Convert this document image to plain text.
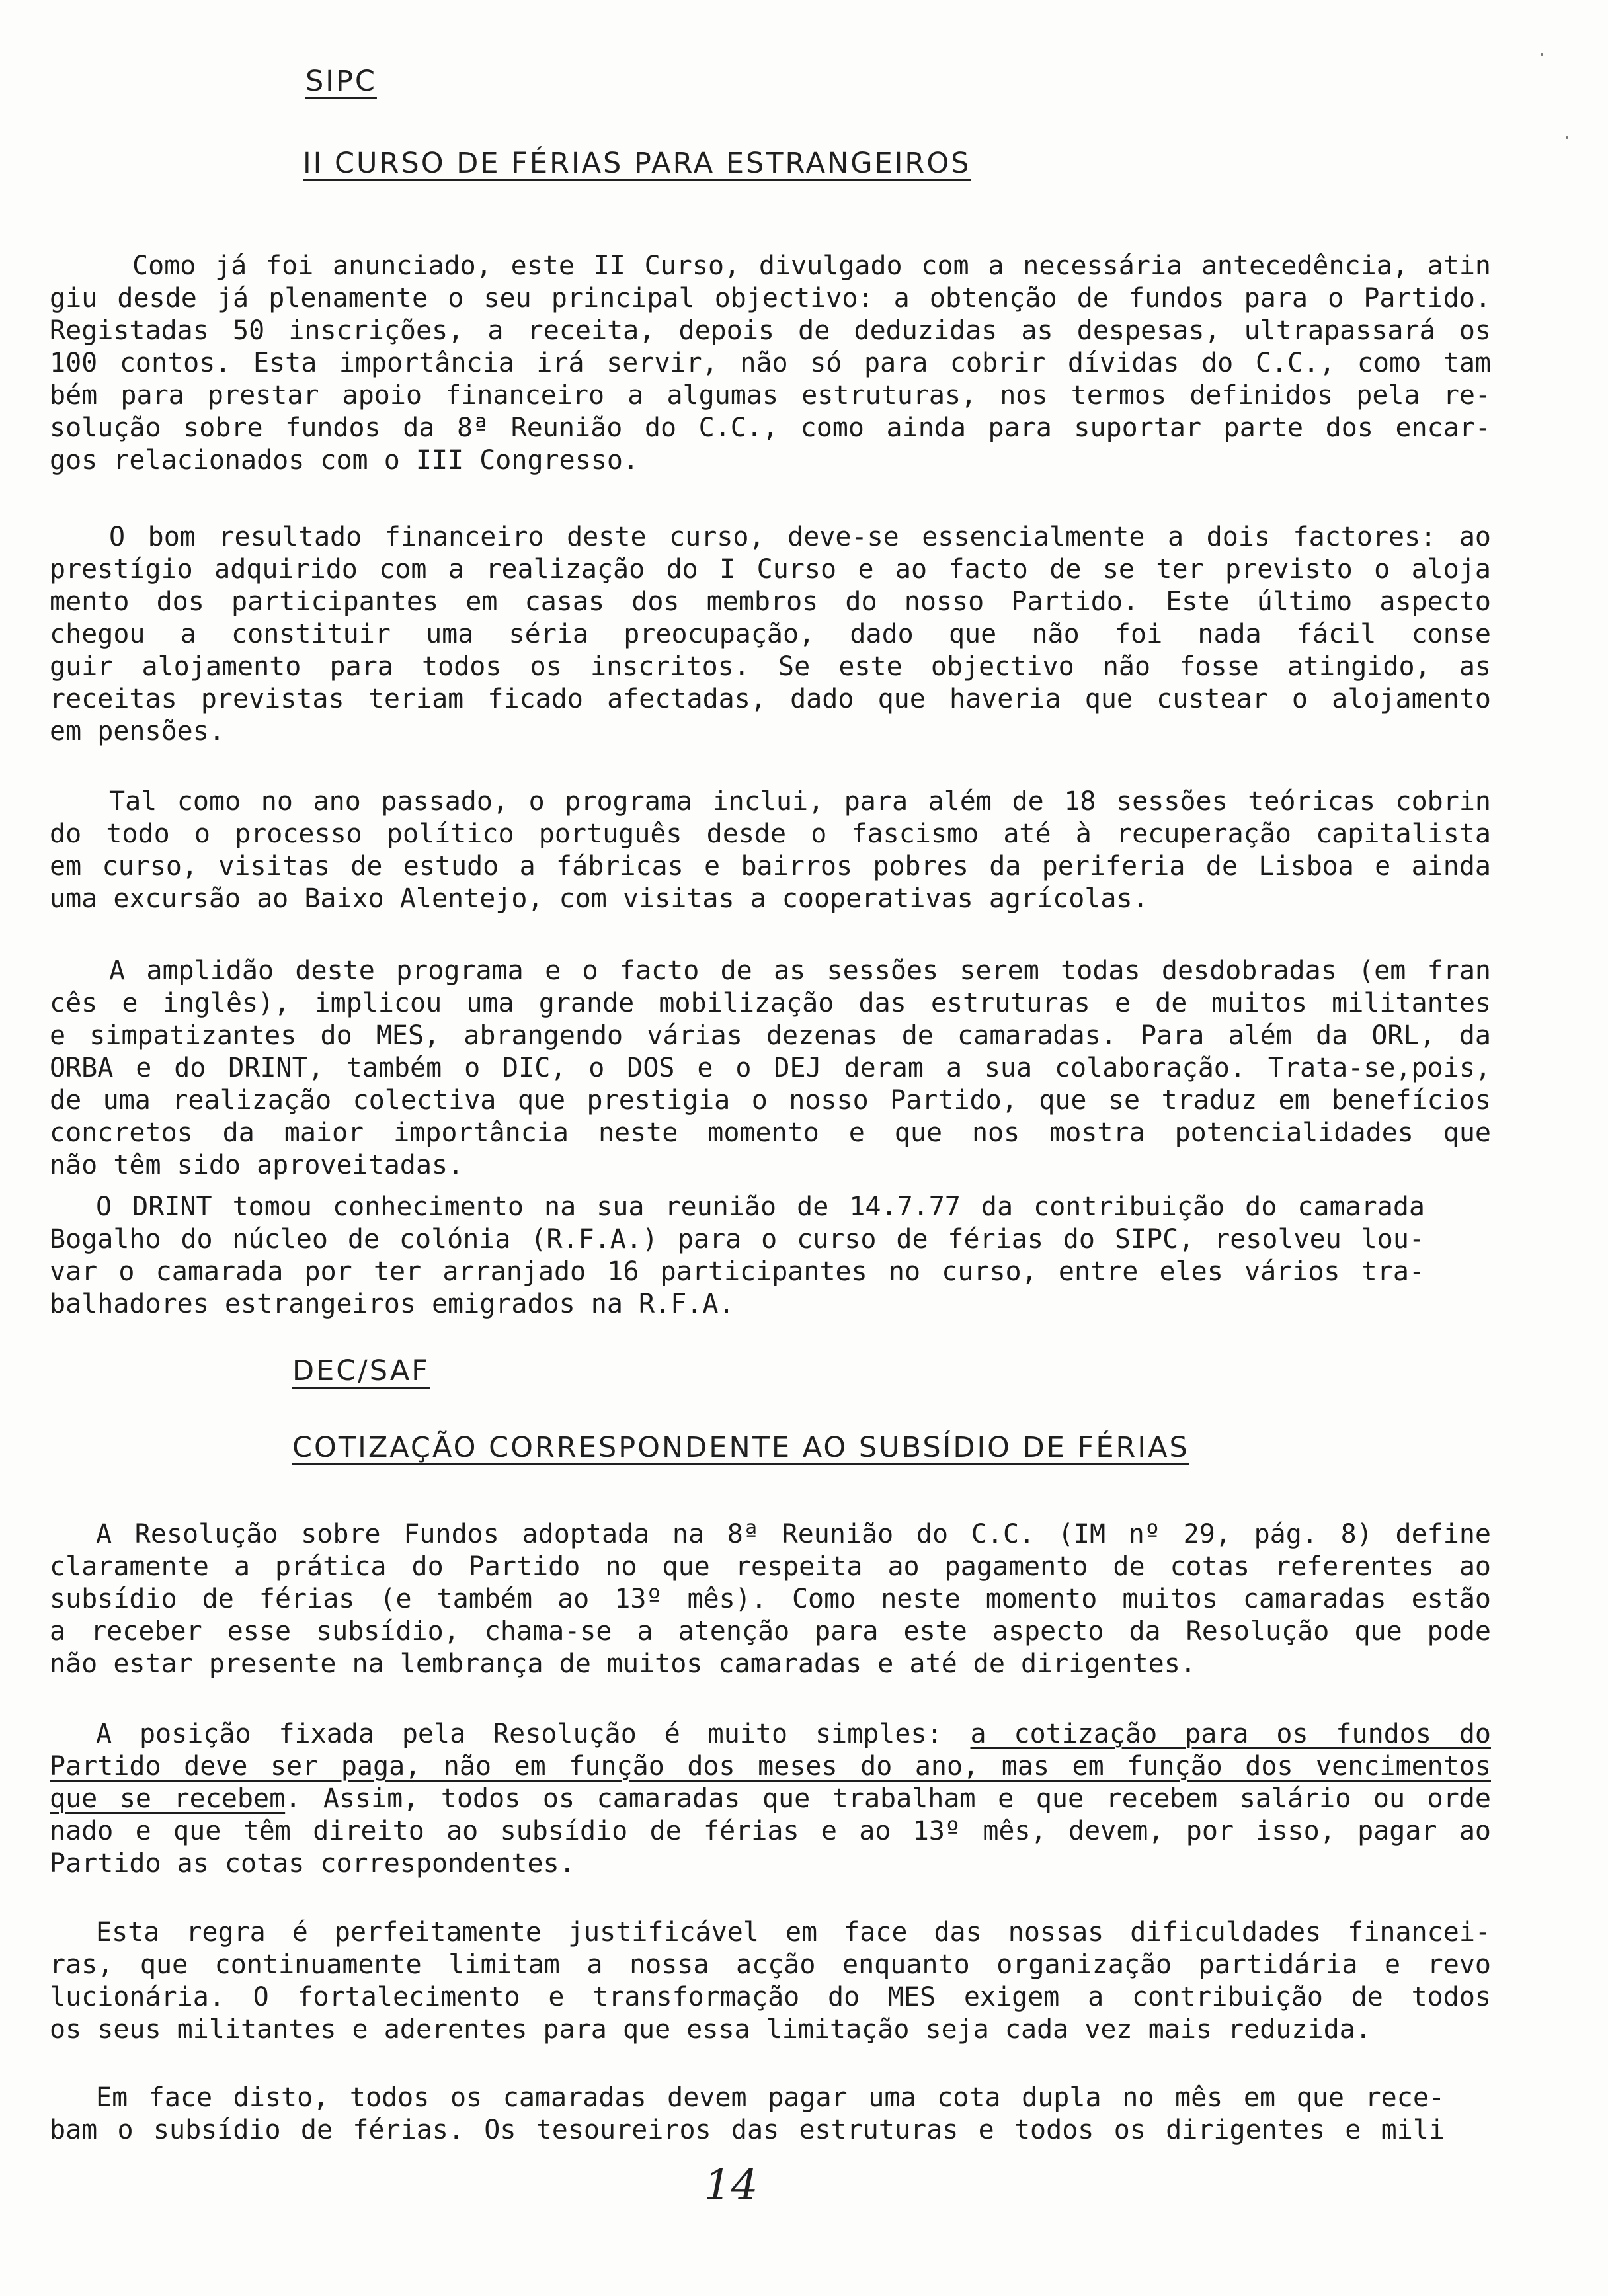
SIPC
II CURSO DE FÉRIAS PARA ESTRANGEIROS
Como já foi anunciado, este II Curso, divulgado com a necessária antecedência, atin
giu desde já plenamente o seu principal objectivo: a obtenção de fundos para o Partido.
Registadas 50 inscrições, a receita, depois de deduzidas as despesas, ultrapassará os
100 contos. Esta importância irá servir, não só para cobrir dívidas do C.C., como tam
bém para prestar apoio financeiro a algumas estruturas, nos termos definidos pela re-
solução sobre fundos da 8ª Reunião do C.C., como ainda para suportar parte dos encar-
gos relacionados com o III Congresso.
O bom resultado financeiro deste curso, deve-se essencialmente a dois factores: ao
prestígio adquirido com a realização do I Curso e ao facto de se ter previsto o aloja
mento dos participantes em casas dos membros do nosso Partido. Este último aspecto
chegou a constituir uma séria preocupação, dado que não foi nada fácil conse
guir alojamento para todos os inscritos. Se este objectivo não fosse atingido, as
receitas previstas teriam ficado afectadas, dado que haveria que custear o alojamento
em pensões.
Tal como no ano passado, o programa inclui, para além de 18 sessões teóricas cobrin
do todo o processo político português desde o fascismo até à recuperação capitalista
em curso, visitas de estudo a fábricas e bairros pobres da periferia de Lisboa e ainda
uma excursão ao Baixo Alentejo, com visitas a cooperativas agrícolas.
A amplidão deste programa e o facto de as sessões serem todas desdobradas (em fran
cês e inglês), implicou uma grande mobilização das estruturas e de muitos militantes
e simpatizantes do MES, abrangendo várias dezenas de camaradas. Para além da ORL, da
ORBA e do DRINT, também o DIC, o DOS e o DEJ deram a sua colaboração. Trata-se,pois,
de uma realização colectiva que prestigia o nosso Partido, que se traduz em benefícios
concretos da maior importância neste momento e que nos mostra potencialidades que
não têm sido aproveitadas.
O DRINT tomou conhecimento na sua reunião de 14.7.77 da contribuição do camarada
Bogalho do núcleo de colónia (R.F.A.) para o curso de férias do SIPC, resolveu lou-
var o camarada por ter arranjado 16 participantes no curso, entre eles vários tra-
balhadores estrangeiros emigrados na R.F.A.
DEC/SAF
COTIZAÇÃO CORRESPONDENTE AO SUBSÍDIO DE FÉRIAS
A Resolução sobre Fundos adoptada na 8ª Reunião do C.C. (IM nº 29, pág. 8) define
claramente a prática do Partido no que respeita ao pagamento de cotas referentes ao
subsídio de férias (e também ao 13º mês). Como neste momento muitos camaradas estão
a receber esse subsídio, chama-se a atenção para este aspecto da Resolução que pode
não estar presente na lembrança de muitos camaradas e até de dirigentes.
A posição fixada pela Resolução é muito simples: a cotização para os fundos do
Partido deve ser paga, não em função dos meses do ano, mas em função dos vencimentos
que se recebem. Assim, todos os camaradas que trabalham e que recebem salário ou orde
nado e que têm direito ao subsídio de férias e ao 13º mês, devem, por isso, pagar ao
Partido as cotas correspondentes.
Esta regra é perfeitamente justificável em face das nossas dificuldades financei-
ras, que continuamente limitam a nossa acção enquanto organização partidária e revo
lucionária. O fortalecimento e transformação do MES exigem a contribuição de todos
os seus militantes e aderentes para que essa limitação seja cada vez mais reduzida.
Em face disto, todos os camaradas devem pagar uma cota dupla no mês em que rece-
bam o subsídio de férias. Os tesoureiros das estruturas e todos os dirigentes e mili
14
